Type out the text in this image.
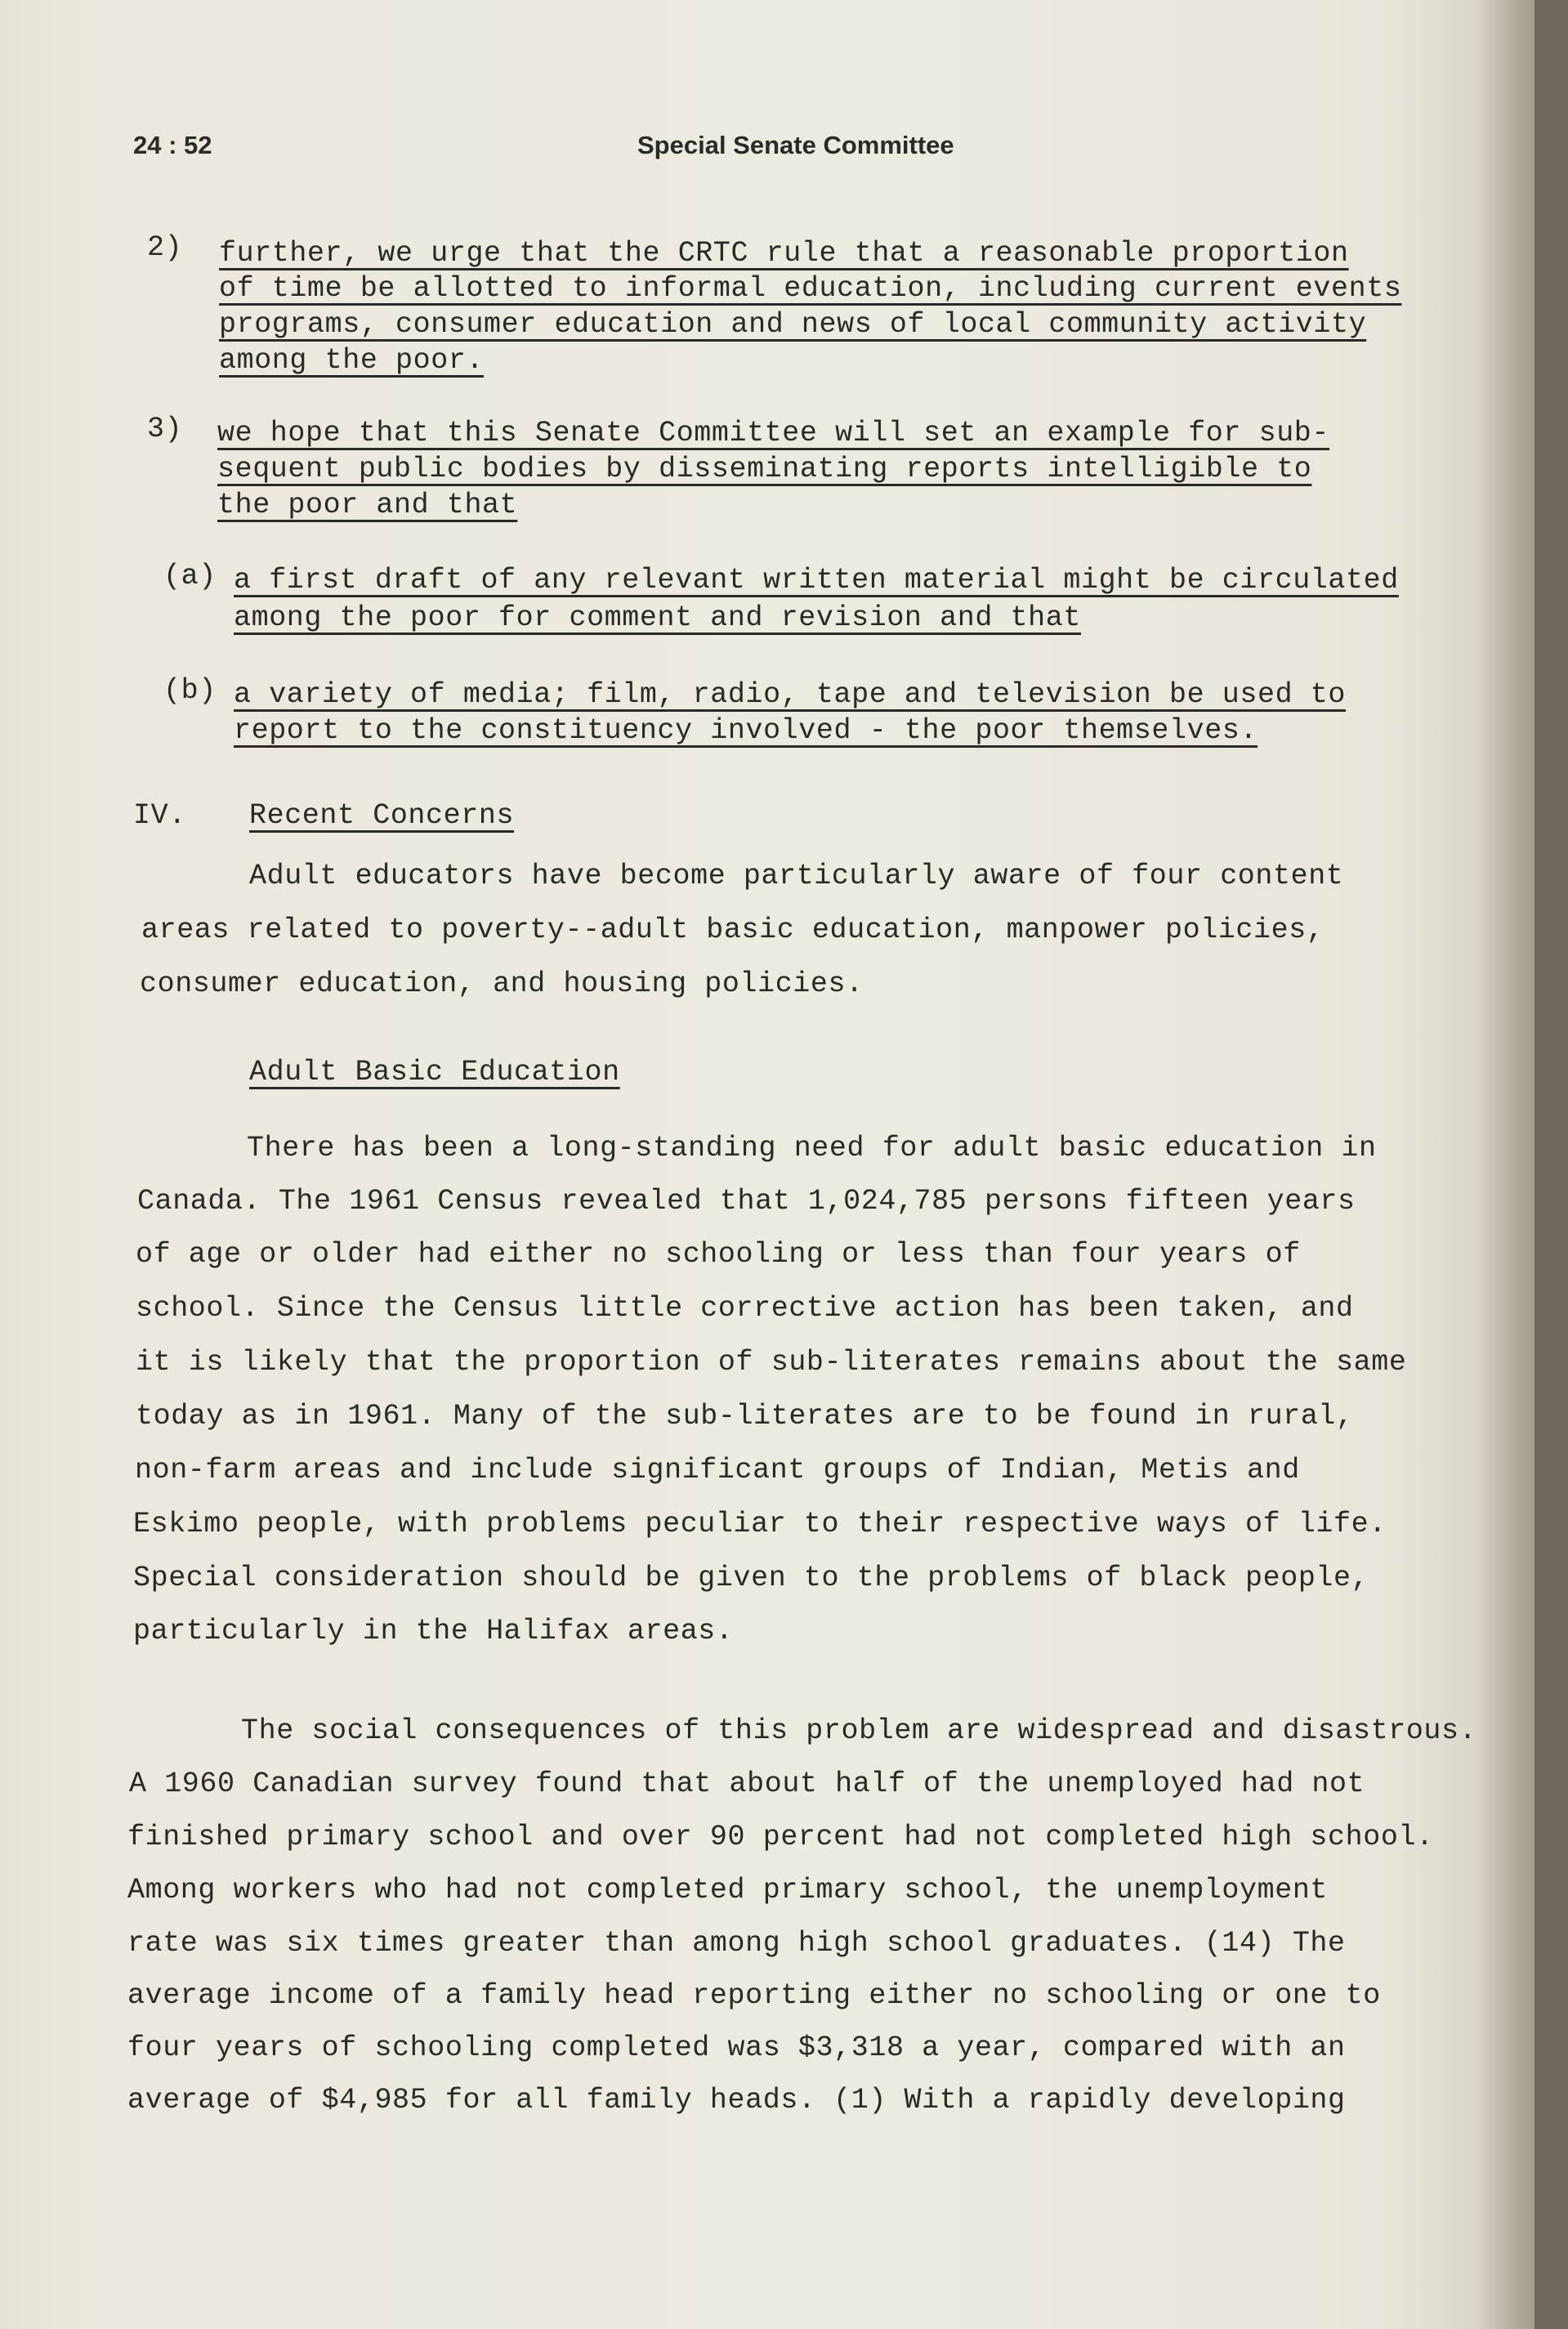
24 : 52	Special Senate Committee
2) further, we urge that the CRTC rule that a reasonable proportion
of time be allotted to informal education, including current events
programs, consumer education and news of local community activity
among the poor.
3) we hope that this Senate Committee will set an example for sub-
sequent public bodies by disseminating reports intelligible to
the poor and that
(a) a first draft of any relevant written material might be circulated
among the poor for comment and revision and that
(b) a variety of media; film, radio, tape and television be used to
report to the constituency involved - the poor themselves.
IV. Recent Concerns
Adult educators have become particularly aware of four content
areas related to poverty--adult basic education, manpower policies,
consumer education, and housing policies.
Adult Basic Education
There has been a long-standing need for adult basic education in
Canada. The 1961 Census revealed that 1,024,785 persons fifteen years
of age or older had either no schooling or less than four years of
school. Since the Census little corrective action has been taken, and
it is likely that the proportion of sub-literates remains about the same
today as in 1961. Many of the sub-literates are to be found in rural,
non-farm areas and include significant groups of Indian, Metis and
Eskimo people, with problems peculiar to their respective ways of life.
Special consideration should be given to the problems of black people,
particularly in the Halifax areas.
The social consequences of this problem are widespread and disastrous.
A 1960 Canadian survey found that about half of the unemployed had not
finished primary school and over 90 percent had not completed high school.
Among workers who had not completed primary school, the unemployment
rate was six times greater than among high school graduates. (14) The
average income of a family head reporting either no schooling or one to
four years of schooling completed was $3,318 a year, compared with an
average of $4,985 for all family heads. (1) With a rapidly developing
